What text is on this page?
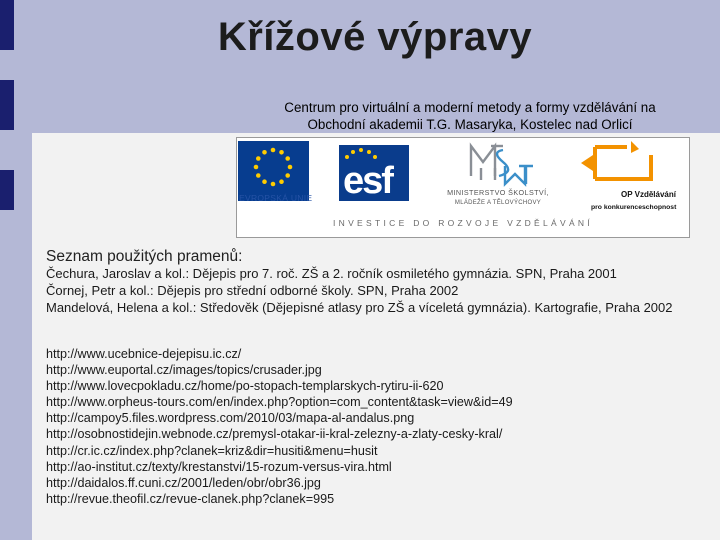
Křížové výpravy
Centrum pro virtuální a moderní metody a formy vzdělávání na
Obchodní akademii T.G. Masaryka, Kostelec nad Orlicí
EVROPSKÁ UNIE esf	MINISTERSTVO ŠKOLSTVÍ,
MLÁDEŽE A TĚLOVÝCHOVY
OP Vzdělávání
pro konkurenceschopnost
INVESTICE DO ROZVOJE VZDĚLÁVÁNÍ
Seznam použitých pramenů:

Čechura, Jaroslav a kol.: Dějepis pro 7. roč. ZŠ a 2. ročník osmiletého gymnázia. SPN, Praha 2001

Čornej, Petr a kol.: Dějepis pro střední odborné školy. SPN, Praha 2002

Mandelová, Helena a kol.: Středověk (Dějepisné atlasy pro ZŠ a víceletá gymnázia). Kartografie, Praha 2002

http://www.ucebnice-dejepisu.ic.cz/

http://www.euportal.cz/images/topics/crusader.jpg

http://www.lovecpokladu.cz/home/po-stopach-templarskych-rytiru-ii-620

http://www.orpheus-tours.com/en/index.php?option=com_content&task=view&id=49

http://campoy5.files.wordpress.com/2010/03/mapa-al-andalus.png

http://osobnostidejin.webnode.cz/premysl-otakar-ii-kral-zelezny-a-zlaty-cesky-kral/

http://cr.ic.cz/index.php?clanek=kriz&dir=husiti&menu=husit

http://ao-institut.cz/texty/krestanstvi/15-rozum-versus-vira.html

http://daidalos.ff.cuni.cz/2001/leden/obr/obr36.jpg

http://revue.theofil.cz/revue-clanek.php?clanek=995
